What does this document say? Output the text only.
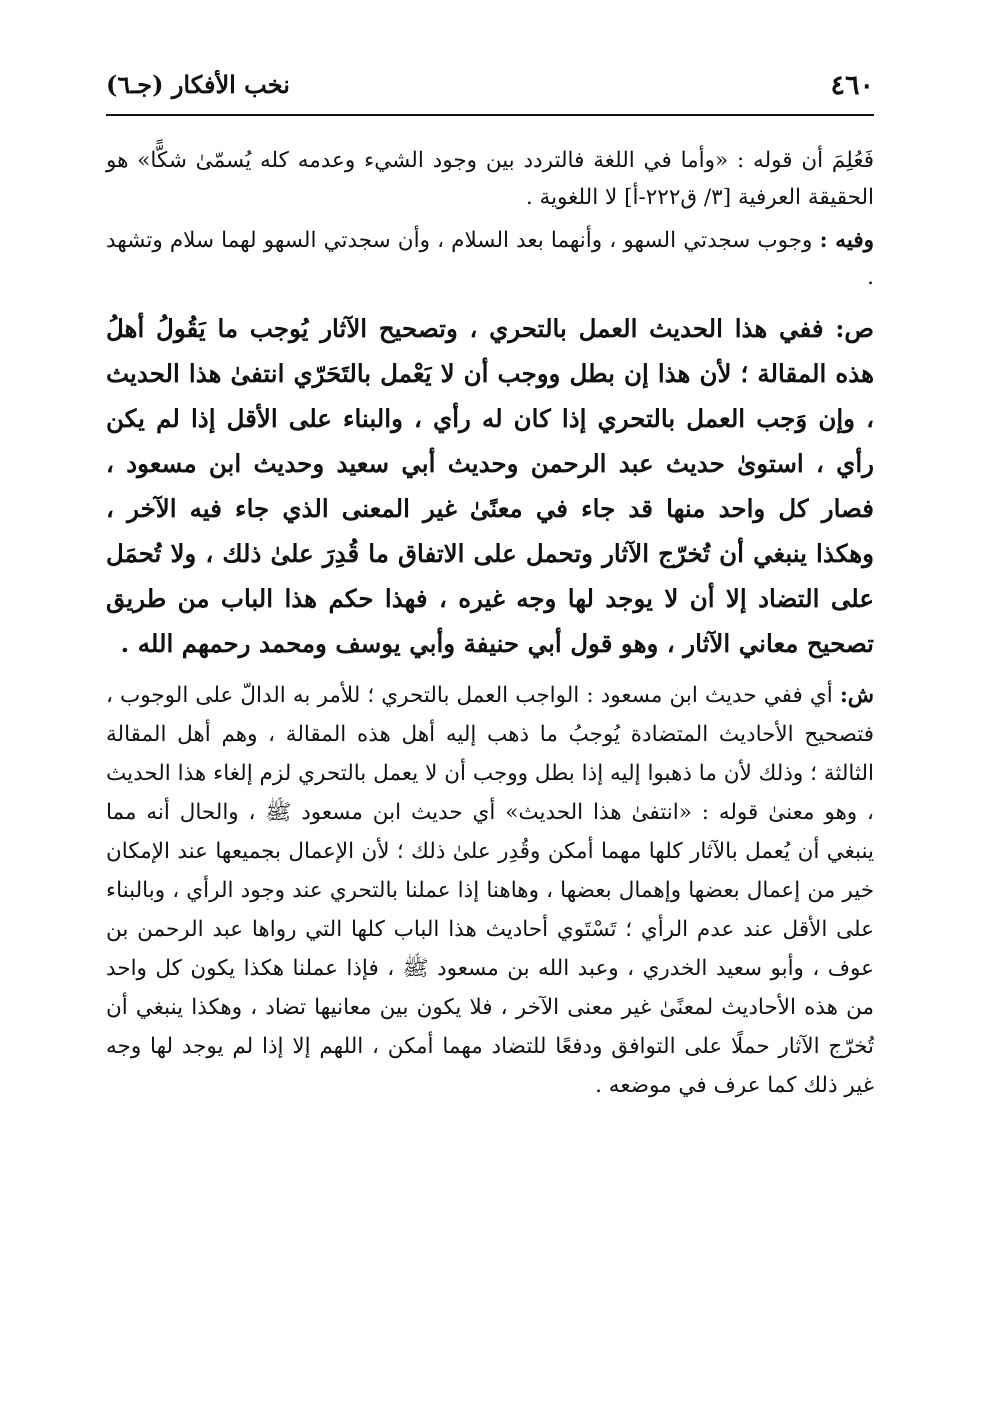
٤٦٠
نخب الأفكار (جـ٦)

فَعُلِمَ أن قوله : «وأما في اللغة فالتردد بين وجود الشيء وعدمه كله يُسمّىٰ شكًّا» هو الحقيقة العرفية [٣/ ق٢٢٢-أ] لا اللغوية .

وفيه : وجوب سجدتي السهو ، وأنهما بعد السلام ، وأن سجدتي السهو لهما سلام وتشهد .

ص: ففي هذا الحديث العمل بالتحري ، وتصحيح الآثار يُوجب ما يَقُولُ أهلُ هذه المقالة ؛ لأن هذا إن بطل ووجب أن لا يَعْمل بالتَحَرّي انتفىٰ هذا الحديث ، وإن وَجب العمل بالتحري إذا كان له رأي ، والبناء على الأقل إذا لم يكن رأي ، استوىٰ حديث عبد الرحمن وحديث أبي سعيد وحديث ابن مسعود ، فصار كل واحد منها قد جاء في معنًىٰ غير المعنى الذي جاء فيه الآخر ، وهكذا ينبغي أن تُخرّج الآثار وتحمل على الاتفاق ما قُدِرَ علىٰ ذلك ، ولا تُحمَل على التضاد إلا أن لا يوجد لها وجه غيره ، فهذا حكم هذا الباب من طريق تصحيح معاني الآثار ، وهو قول أبي حنيفة وأبي يوسف ومحمد رحمهم الله .

ش: أي ففي حديث ابن مسعود : الواجب العمل بالتحري ؛ للأمر به الدالّ على الوجوب ، فتصحيح الأحاديث المتضادة يُوجبُ ما ذهب إليه أهل هذه المقالة ، وهم أهل المقالة الثالثة ؛ وذلك لأن ما ذهبوا إليه إذا بطل ووجب أن لا يعمل بالتحري لزم إلغاء هذا الحديث ، وهو معنىٰ قوله : «انتفىٰ هذا الحديث» أي حديث ابن مسعود ﷺ ، والحال أنه مما ينبغي أن يُعمل بالآثار كلها مهما أمكن وقُدِر علىٰ ذلك ؛ لأن الإعمال بجميعها عند الإمكان خير من إعمال بعضها وإهمال بعضها ، وهاهنا إذا عملنا بالتحري عند وجود الرأي ، وبالبناء على الأقل عند عدم الرأي ؛ تَسْتَوي أحاديث هذا الباب كلها التي رواها عبد الرحمن بن عوف ، وأبو سعيد الخدري ، وعبد الله بن مسعود ﷺ ، فإذا عملنا هكذا يكون كل واحد من هذه الأحاديث لمعنًىٰ غير معنى الآخر ، فلا يكون بين معانيها تضاد ، وهكذا ينبغي أن تُخرّج الآثار حملًا على التوافق ودفعًا للتضاد مهما أمكن ، اللهم إلا إذا لم يوجد لها وجه غير ذلك كما عرف في موضعه .
